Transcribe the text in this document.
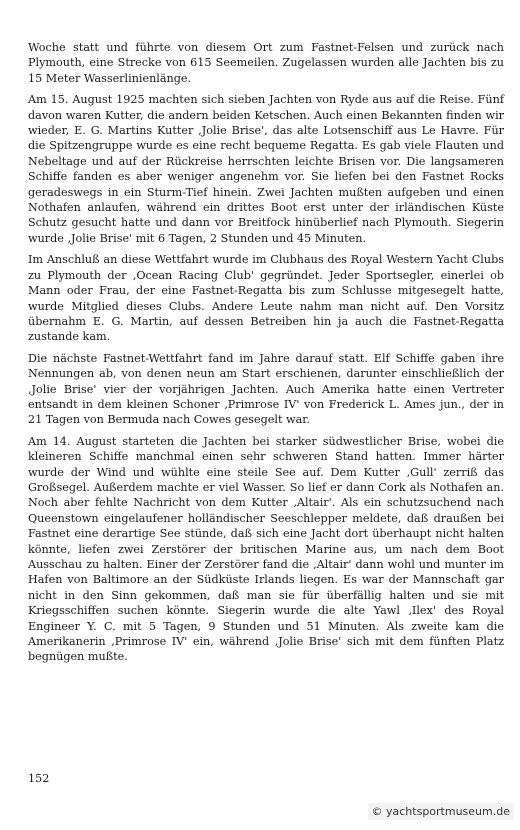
Woche statt und führte von diesem Ort zum Fastnet-Felsen und zurück nach Plymouth, eine Strecke von 615 Seemeilen. Zugelassen wurden alle Jachten bis zu 15 Meter Wasserlinienlänge.

Am 15. August 1925 machten sich sieben Jachten von Ryde aus auf die Reise. Fünf davon waren Kutter, die andern beiden Ketschen. Auch einen Bekannten finden wir wieder, E. G. Martins Kutter ‚Jolie Brise', das alte Lotsenschiff aus Le Havre. Für die Spitzengruppe wurde es eine recht bequeme Regatta. Es gab viele Flauten und Nebeltage und auf der Rückreise herrschten leichte Brisen vor. Die langsameren Schiffe fanden es aber weniger angenehm vor. Sie liefen bei den Fastnet Rocks geradeswegs in ein Sturm-Tief hinein. Zwei Jachten mußten aufgeben und einen Nothafen anlaufen, während ein drittes Boot erst unter der irländischen Küste Schutz gesucht hatte und dann vor Breitfock hinüberlief nach Plymouth. Siegerin wurde ‚Jolie Brise' mit 6 Tagen, 2 Stunden und 45 Minuten.

Im Anschluß an diese Wettfahrt wurde im Clubhaus des Royal Western Yacht Clubs zu Plymouth der ‚Ocean Racing Club' gegründet. Jeder Sportsegler, einerlei ob Mann oder Frau, der eine Fastnet-Regatta bis zum Schlusse mitgesegelt hatte, wurde Mitglied dieses Clubs. Andere Leute nahm man nicht auf. Den Vorsitz übernahm E. G. Martin, auf dessen Betreiben hin ja auch die Fastnet-Regatta zustande kam.

Die nächste Fastnet-Wettfahrt fand im Jahre darauf statt. Elf Schiffe gaben ihre Nennungen ab, von denen neun am Start erschienen, darunter einschließlich der ‚Jolie Brise' vier der vorjährigen Jachten. Auch Amerika hatte einen Vertreter entsandt in dem kleinen Schoner ‚Primrose IV' von Frederick L. Ames jun., der in 21 Tagen von Bermuda nach Cowes gesegelt war.

Am 14. August starteten die Jachten bei starker südwestlicher Brise, wobei die kleineren Schiffe manchmal einen sehr schweren Stand hatten. Immer härter wurde der Wind und wühlte eine steile See auf. Dem Kutter ‚Gull' zerriß das Großsegel. Außerdem machte er viel Wasser. So lief er dann Cork als Nothafen an. Noch aber fehlte Nachricht von dem Kutter ‚Altair'. Als ein schutzsuchend nach Queenstown eingelaufener holländischer Seeschlepper meldete, daß draußen bei Fastnet eine derartige See stünde, daß sich eine Jacht dort überhaupt nicht halten könnte, liefen zwei Zerstörer der britischen Marine aus, um nach dem Boot Ausschau zu halten. Einer der Zerstörer fand die ‚Altair' dann wohl und munter im Hafen von Baltimore an der Südküste Irlands liegen. Es war der Mannschaft gar nicht in den Sinn gekommen, daß man sie für überfällig halten und sie mit Kriegsschiffen suchen könnte. Siegerin wurde die alte Yawl ‚Ilex' des Royal Engineer Y. C. mit 5 Tagen, 9 Stunden und 51 Minuten. Als zweite kam die Amerikanerin ‚Primrose IV' ein, während ‚Jolie Brise' sich mit dem fünften Platz begnügen mußte.

152
© yachtsportmuseum.de
